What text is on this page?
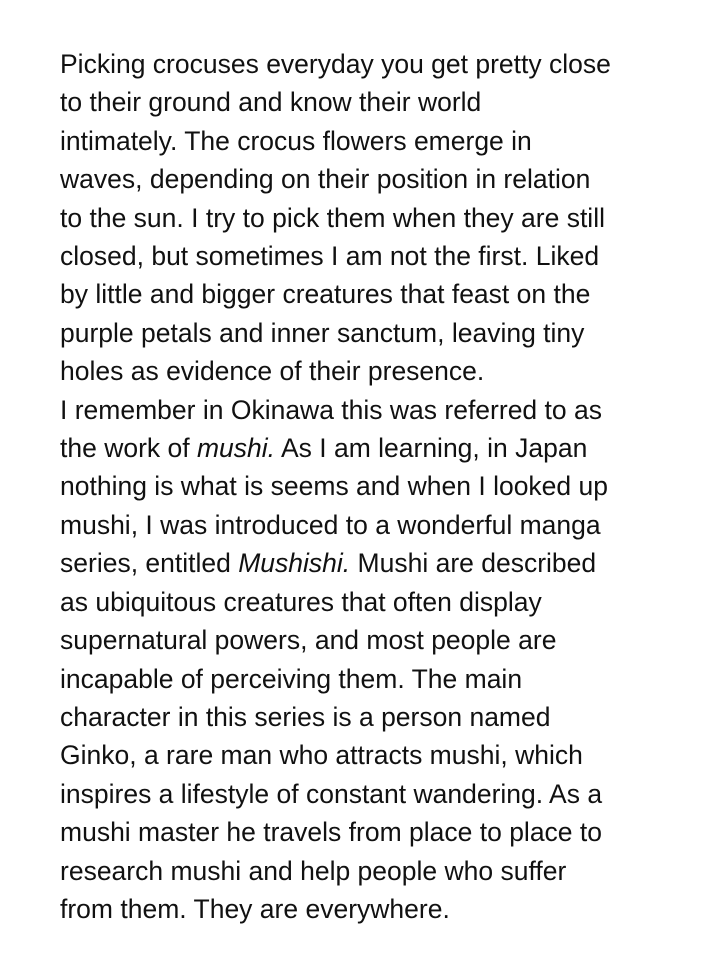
Picking crocuses everyday you get pretty close
to their ground and know their world
intimately. The crocus flowers emerge in
waves, depending on their position in relation
to the sun. I try to pick them when they are still
closed, but sometimes I am not the first. Liked
by little and bigger creatures that feast on the
purple petals and inner sanctum, leaving tiny
holes as evidence of their presence.

I remember in Okinawa this was referred to as
the work of mushi. As I am learning, in Japan
nothing is what is seems and when I looked up
mushi, I was introduced to a wonderful manga
series, entitled Mushishi. Mushi are described
as ubiquitous creatures that often display
supernatural powers, and most people are
incapable of perceiving them. The main
character in this series is a person named
Ginko, a rare man who attracts mushi, which
inspires a lifestyle of constant wandering. As a
mushi master he travels from place to place to
research mushi and help people who suffer
from them. They are everywhere.
